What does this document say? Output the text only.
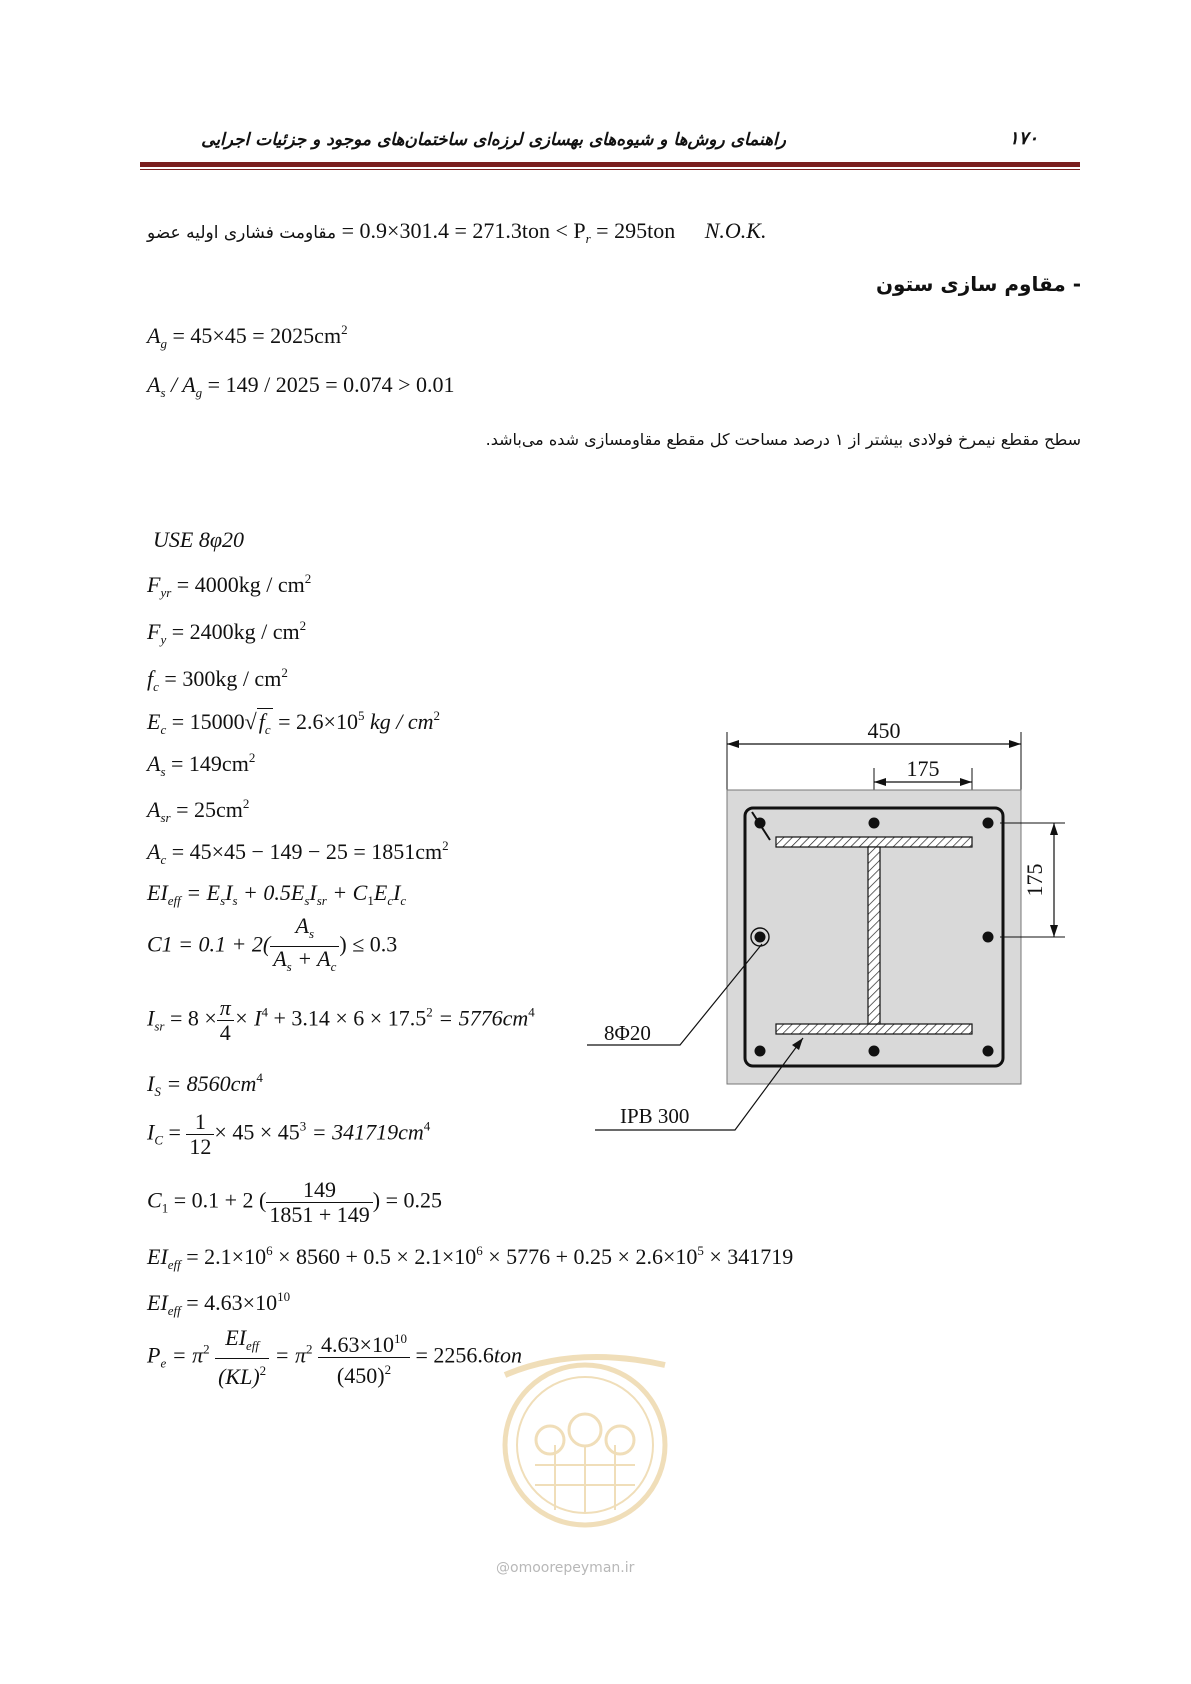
راهنمای روش‌ها و شیوه‌های بهسازی لرزه‌ای ساختمان‌های موجود و جزئیات اجرایی	۱۷۰
مقاومت فشاری اولیه عضو = $0.9\times 301.4 = 271.3ton < P_r = 295ton$ N.O.K.
- مقاوم سازی ستون
$A_g = 45\times 45 = 2025cm^2$
$A_s / A_g = 149 / 2025 = 0.074 > 0.01$
سطح مقطع نیمرخ فولادی بیشتر از ۱ درصد مساحت کل مقطع مقاومسازی شده می‌باشد.
USE 8φ20
$F_{yr} = 4000kg / cm^2$
$F_y = 2400kg / cm^2$
$f_c = 300kg / cm^2$
$E_c = 15000√f_c = 2.6\times 10^5$ kg / $cm^2$
$A_s = 149cm^2$
$A_{sr} = 25cm^2$
$A_c = 45\times 45 - 149 - 25 = 1851cm^2$
$EI_{eff} = E_sI_s + 0.5E_sI_{sr} + C_1E_cI_c$
$C1 = 0.1 + 2( \frac{A_s}{A_s + A_c}$ ) ≤ 0.3
$I_{sr} = 8 \times \frac{\pi}{4} \times I^4 + 3.14 \times 6 \times 17.5^2 = 5776cm^4$
$I_S = 8560cm^4$
$I_C = \frac{1}{12} \times 45 \times 45^3 = 341719cm^4$
$C_1 = 0.1 + 2$ ( $\frac{149}{1851 + 149}$ ) = 0.25
$EI_{eff} = 2.1\times 10^6 \times 8560 + 0.5 \times 2.1\times 10^6 \times 5776 + 0.25 \times 2.6\times 10^5 \times 341719$
$EI_{eff} = 4.63\times 10^{10}$
$P_e = \pi^2 \frac{EI_{eff}}{(KL)^2} = \pi^2 \frac{4.63\times 10^{10}}{(450)^2} = 2256.6ton$
450
175
175
8Φ20
IPB 300
@omoorepeyman.ir
